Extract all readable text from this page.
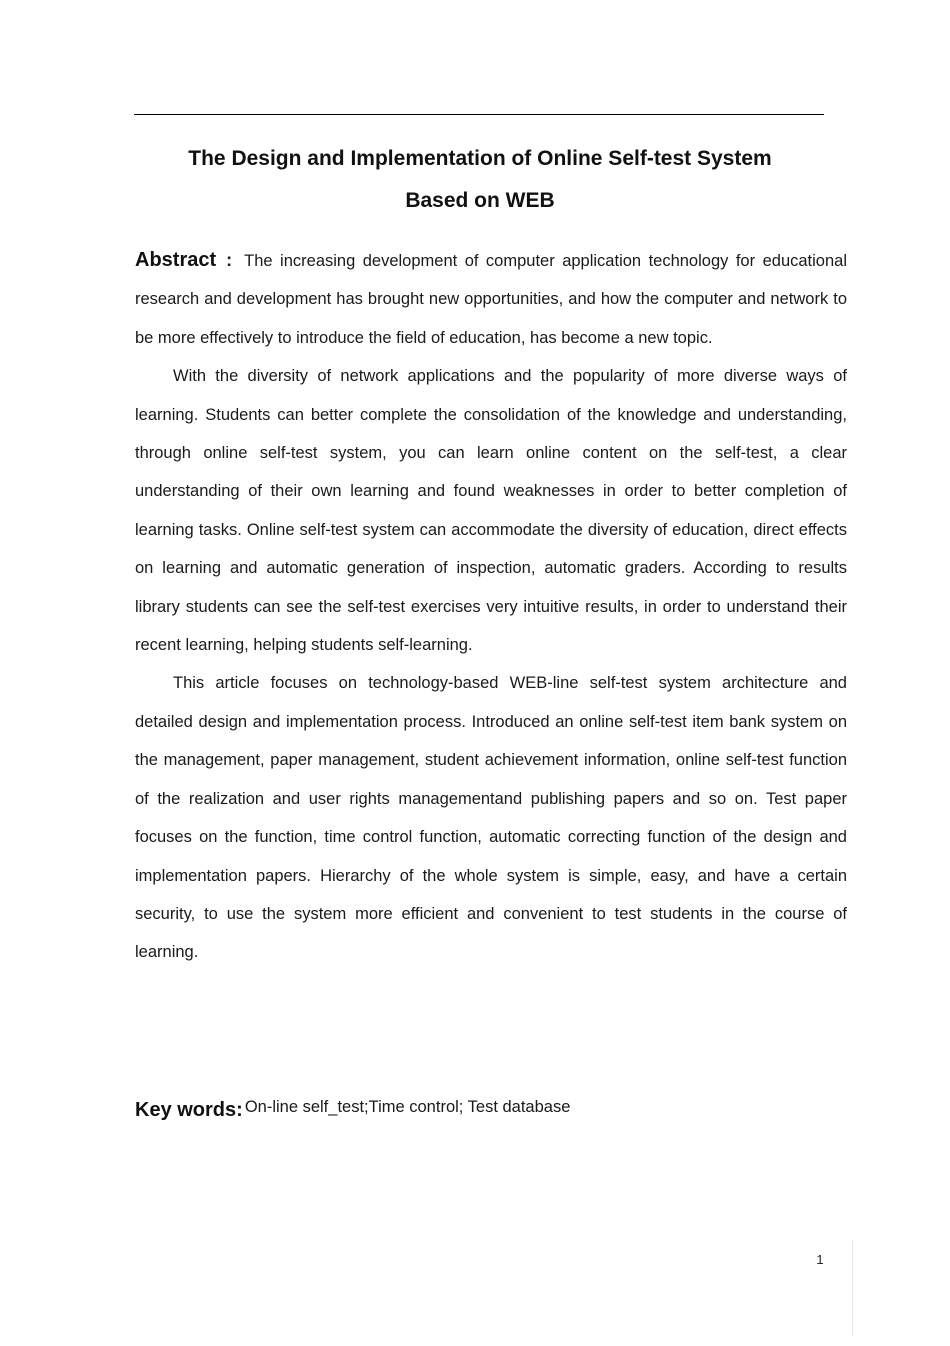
The Design and Implementation of Online Self-test System
Based on WEB

Abstract : The increasing development of computer application technology for educational research and development has brought new opportunities, and how the computer and network to be more effectively to introduce the field of education, has become a new topic.

With the diversity of network applications and the popularity of more diverse ways of learning. Students can better complete the consolidation of the knowledge and understanding, through online self-test system, you can learn online content on the self-test, a clear understanding of their own learning and found weaknesses in order to better completion of learning tasks. Online self-test system can accommodate the diversity of education, direct effects on learning and automatic generation of inspection, automatic graders. According to results library students can see the self-test exercises very intuitive results, in order to understand their recent learning, helping students self-learning.

This article focuses on technology-based WEB-line self-test system architecture and detailed design and implementation process. Introduced an online self-test item bank system on the management, paper management, student achievement information, online self-test function of the realization and user rights managementand publishing papers and so on. Test paper focuses on the function, time control function, automatic correcting function of the design and implementation papers. Hierarchy of the whole system is simple, easy, and have a certain security, to use the system more efficient and convenient to test students in the course of learning.

Key words: On-line self_test;Time control; Test database
1
